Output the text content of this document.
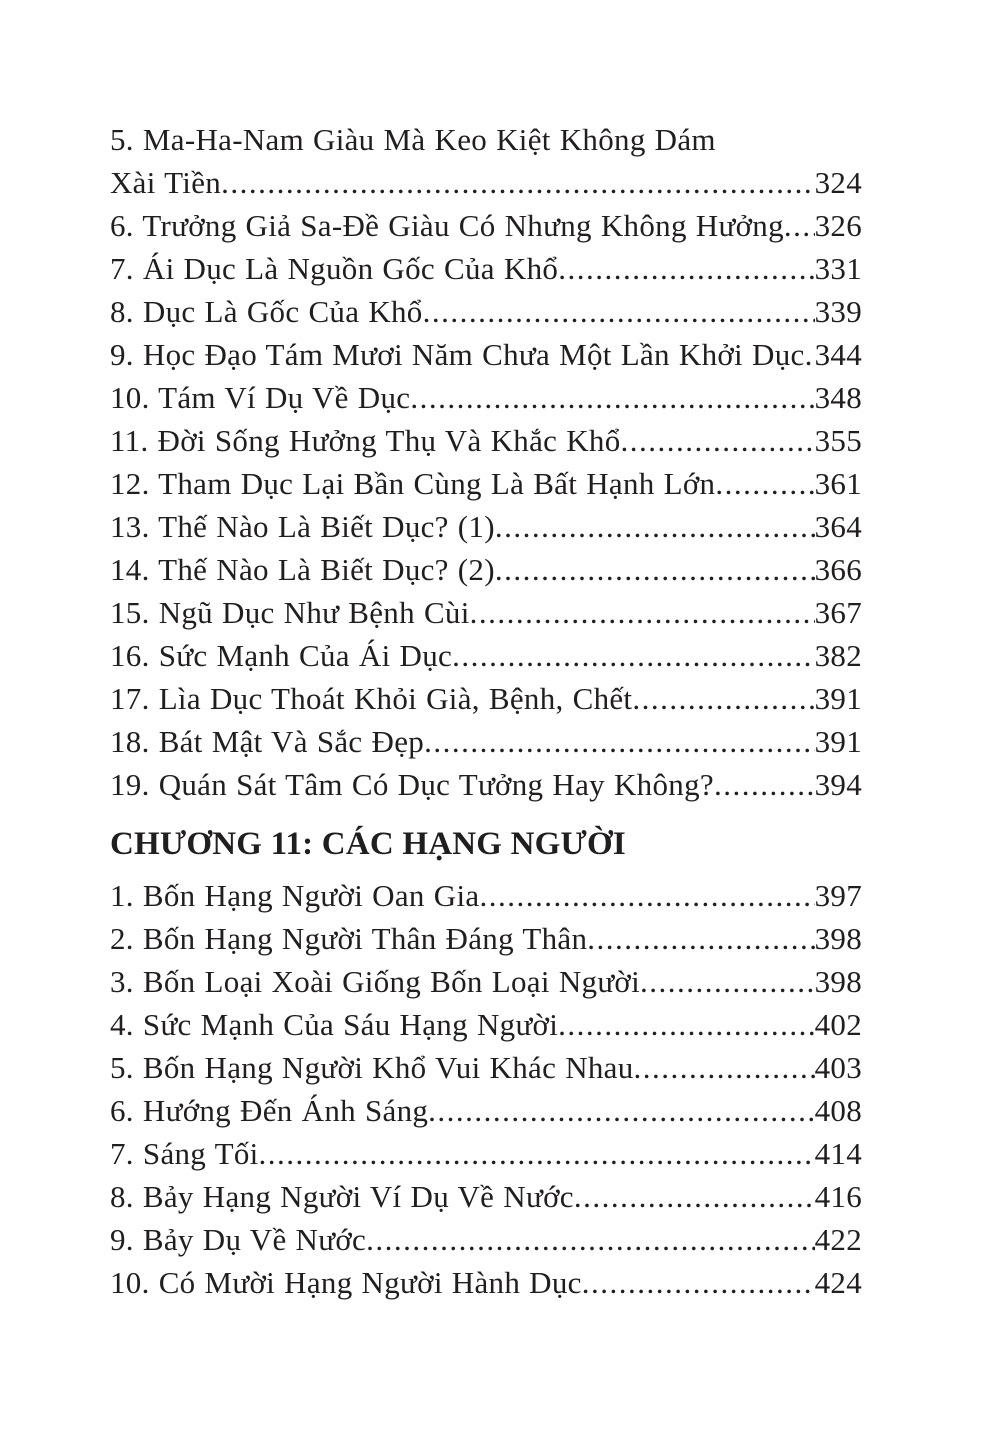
5. Ma-Ha-Nam Giàu Mà Keo Kiệt Không Dám
Xài Tiền .....	324
6. Trưởng Giả Sa-Đề Giàu Có Nhưng Không Hưởng ..... 326
7. Ái Dục Là Nguồn Gốc Của Khổ .....	331
8. Dục Là Gốc Của Khổ .....	339
9. Học Đạo Tám Mươi Năm Chưa Một Lần Khởi Dục ..... 344
10. Tám Ví Dụ Về Dục .....	348
11. Đời Sống Hưởng Thụ Và Khắc Khổ .....	355
12. Tham Dục Lại Bần Cùng Là Bất Hạnh Lớn .....	361
13. Thế Nào Là Biết Dục? (1) .....	364
14. Thế Nào Là Biết Dục? (2) .....	366
15. Ngũ Dục Như Bệnh Cùi .....	367
16. Sức Mạnh Của Ái Dục .....	382
17. Lìa Dục Thoát Khỏi Già, Bệnh, Chết .....	391
18. Bát Mật Và Sắc Đẹp .....	391
19. Quán Sát Tâm Có Dục Tưởng Hay Không? .....	394
CHƯƠNG 11: CÁC HẠNG NGƯỜI
1. Bốn Hạng Người Oan Gia .....	397
2. Bốn Hạng Người Thân Đáng Thân .....	398
3. Bốn Loại Xoài Giống Bốn Loại Người .....	398
4. Sức Mạnh Của Sáu Hạng Người .....	402
5. Bốn Hạng Người Khổ Vui Khác Nhau .....	403
6. Hướng Đến Ánh Sáng .....	408
7. Sáng Tối .....	414
8. Bảy Hạng Người Ví Dụ Về Nước .....	416
9. Bảy Dụ Về Nước .....	422
10. Có Mười Hạng Người Hành Dục .....	424
